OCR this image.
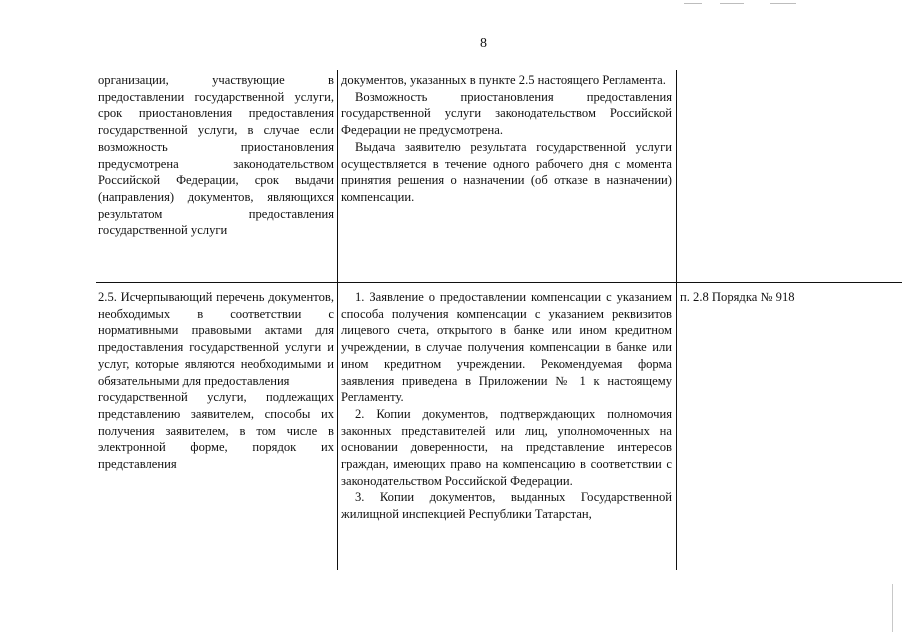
8

организации, участвующие в предоставлении государственной услуги, срок приостановления предоставления государственной услуги, в случае если возможность приостановления предусмотрена законодательством Российской Федерации, срок выдачи (направления) документов, являющихся результатом предоставления государственной услуги

документов, указанных в пункте 2.5 настоящего Регламента.

Возможность приостановления предоставления государственной услуги законодательством Российской Федерации не предусмотрена.

Выдача заявителю результата государственной услуги осуществляется в течение одного рабочего дня с момента принятия решения о назначении (об отказе в назначении) компенсации.

2.5. Исчерпывающий перечень документов, необходимых в соответствии с нормативными правовыми актами для предоставления государственной услуги и услуг, которые являются необходимыми и обязательными для предоставления

государственной услуги, подлежащих представлению заявителем, способы их получения заявителем, в том числе в электронной форме, порядок их представления

1. Заявление о предоставлении компенсации с указанием способа получения компенсации с указанием реквизитов лицевого счета, открытого в банке или ином кредитном учреждении, в случае получения компенсации в банке или ином кредитном учреждении. Рекомендуемая форма заявления приведена в Приложении № 1 к настоящему Регламенту.

2. Копии документов, подтверждающих полномочия законных представителей или лиц, уполномоченных на основании доверенности, на представление интересов граждан, имеющих право на компенсацию в соответствии с законодательством Российской Федерации.

3. Копии документов, выданных Государственной жилищной инспекцией Республики Татарстан,

п. 2.8 Порядка № 918
